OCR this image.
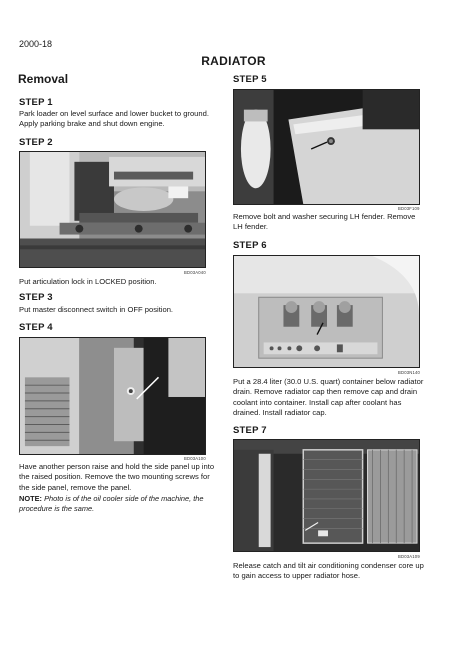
2000-18
RADIATOR
Removal
STEP 1
Park loader on level surface and lower bucket to ground. Apply parking brake and shut down engine.
STEP 2
BD03A040
Put articulation lock in LOCKED position.
STEP 3
Put master disconnect switch in OFF position.
STEP 4
BD03A100
Have another person raise and hold the side panel up into the raised position. Remove the two mounting screws for the side panel, remove the panel.
NOTE: Photo is of the oil cooler side of the machine, the procedure is the same.
STEP 5
BD03F109
Remove bolt and washer securing LH fender. Remove LH fender.
STEP 6
BD03N140
Put a 28.4 liter (30.0 U.S. quart) container below radiator drain. Remove radiator cap then remove cap and drain coolant into container. Install cap after coolant has drained. Install radiator cap.
STEP 7
BD03A109
Release catch and tilt air conditioning condenser core up to gain access to upper radiator hose.
